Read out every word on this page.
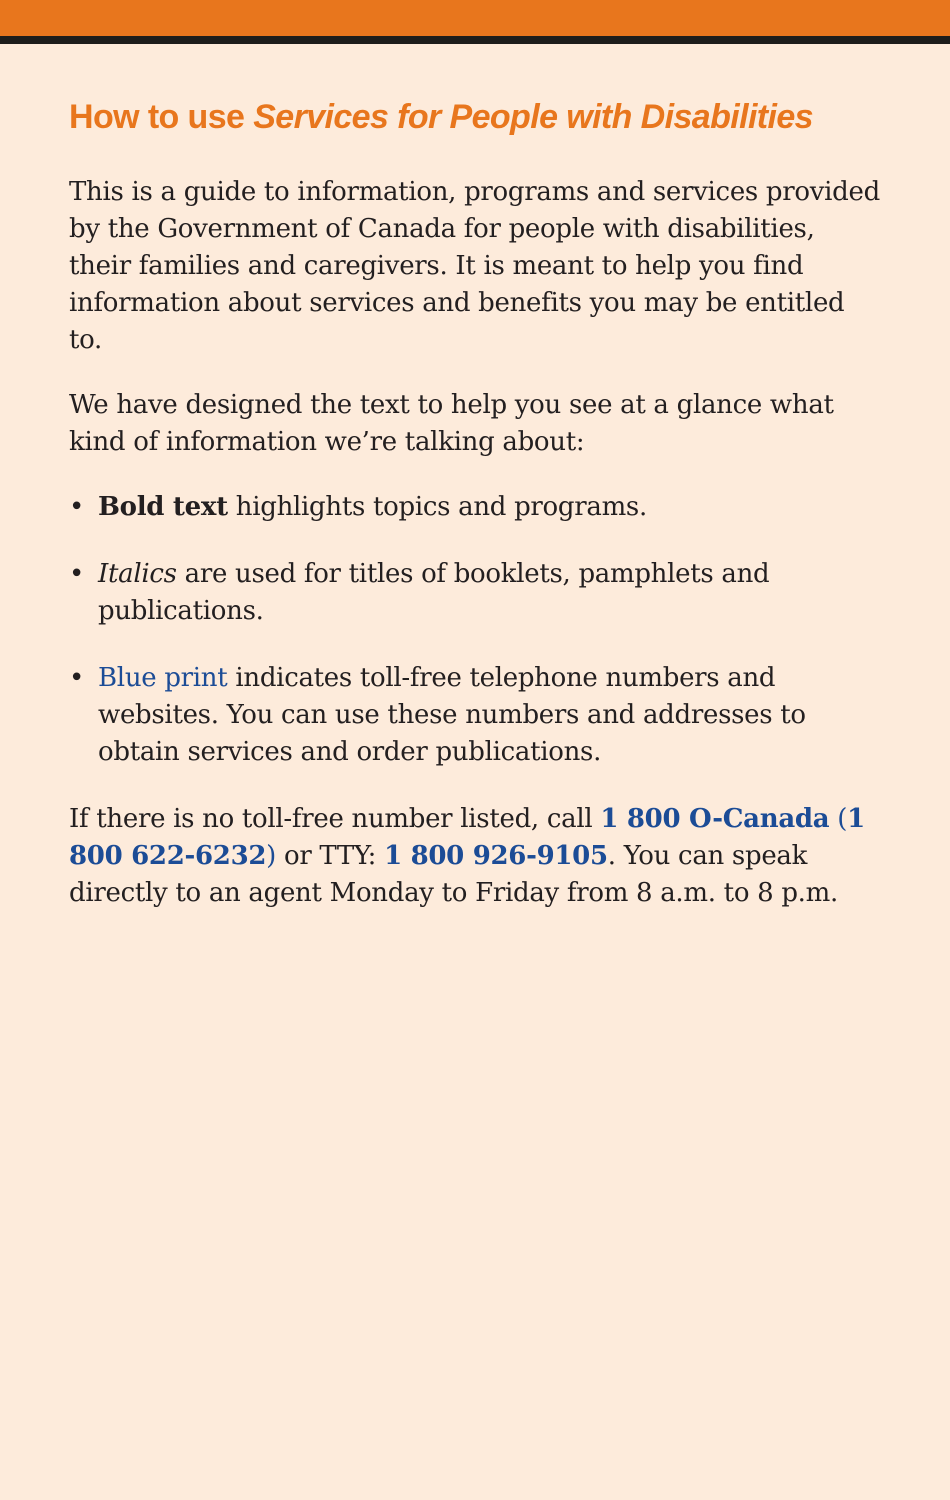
How to use Services for People with Disabilities

This is a guide to information, programs and services provided by the Government of Canada for people with disabilities, their families and caregivers. It is meant to help you find information about services and benefits you may be entitled to.

We have designed the text to help you see at a glance what kind of information we’re talking about:

• Bold text highlights topics and programs.
• Italics are used for titles of booklets, pamphlets and publications.
• Blue print indicates toll-free telephone numbers and websites. You can use these numbers and addresses to obtain services and order publications.

If there is no toll-free number listed, call 1 800 O-Canada (1 800 622-6232) or TTY: 1 800 926-9105. You can speak directly to an agent Monday to Friday from 8 a.m. to 8 p.m.
